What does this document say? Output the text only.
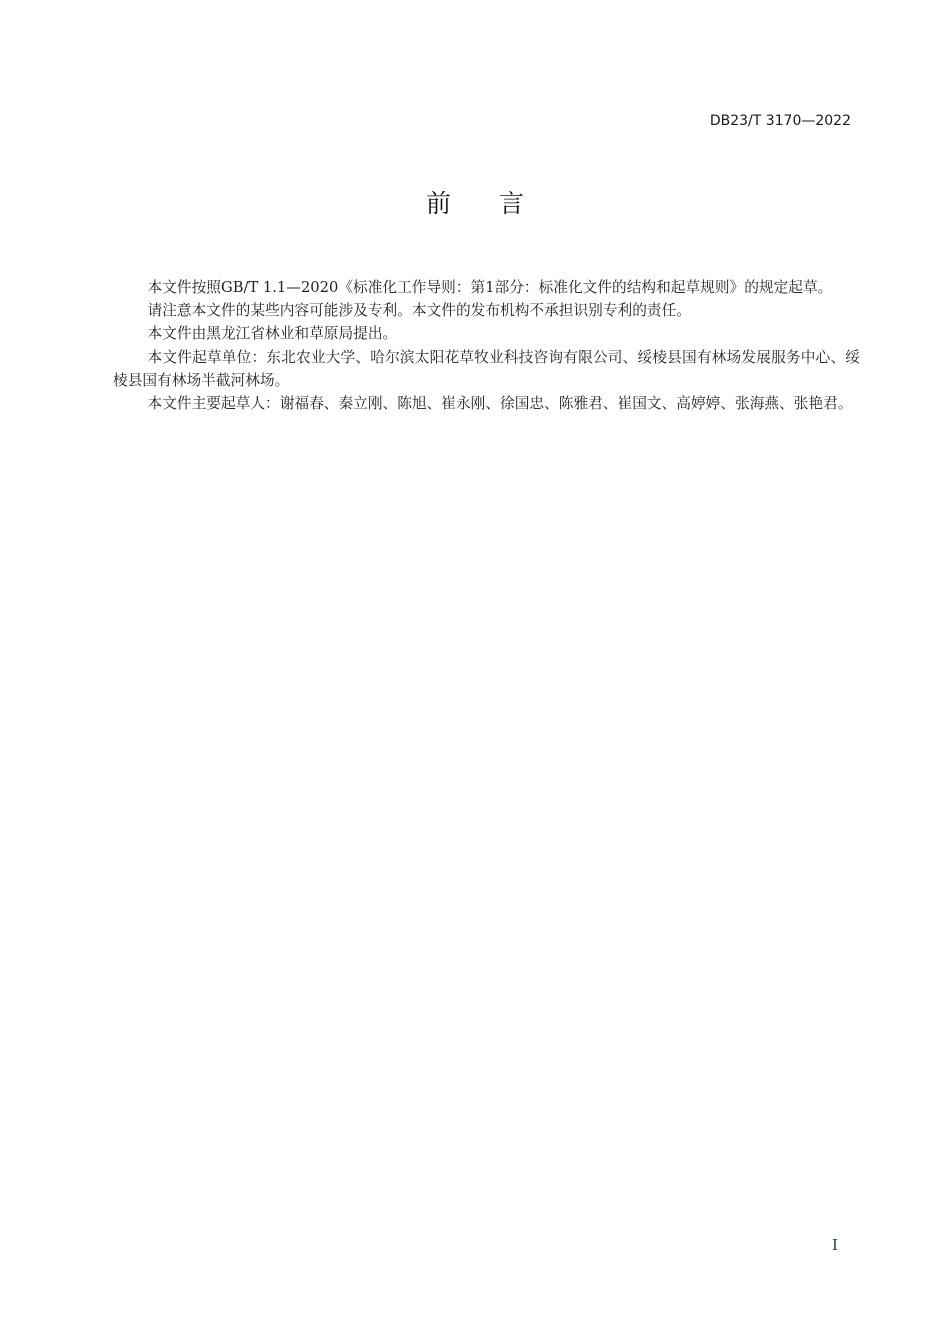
DB23/T 3170—2022
前 言

本文件按照GB/T 1.1—2020《标准化工作导则：第1部分：标准化文件的结构和起草规则》的规定起草。

请注意本文件的某些内容可能涉及专利。本文件的发布机构不承担识别专利的责任。

本文件由黑龙江省林业和草原局提出。

本文件起草单位：东北农业大学、哈尔滨太阳花草牧业科技咨询有限公司、绥棱县国有林场发展服务中心、绥棱县国有林场半截河林场。

本文件主要起草人：谢福春、秦立刚、陈旭、崔永刚、徐国忠、陈雅君、崔国文、高婷婷、张海燕、张艳君。

I
